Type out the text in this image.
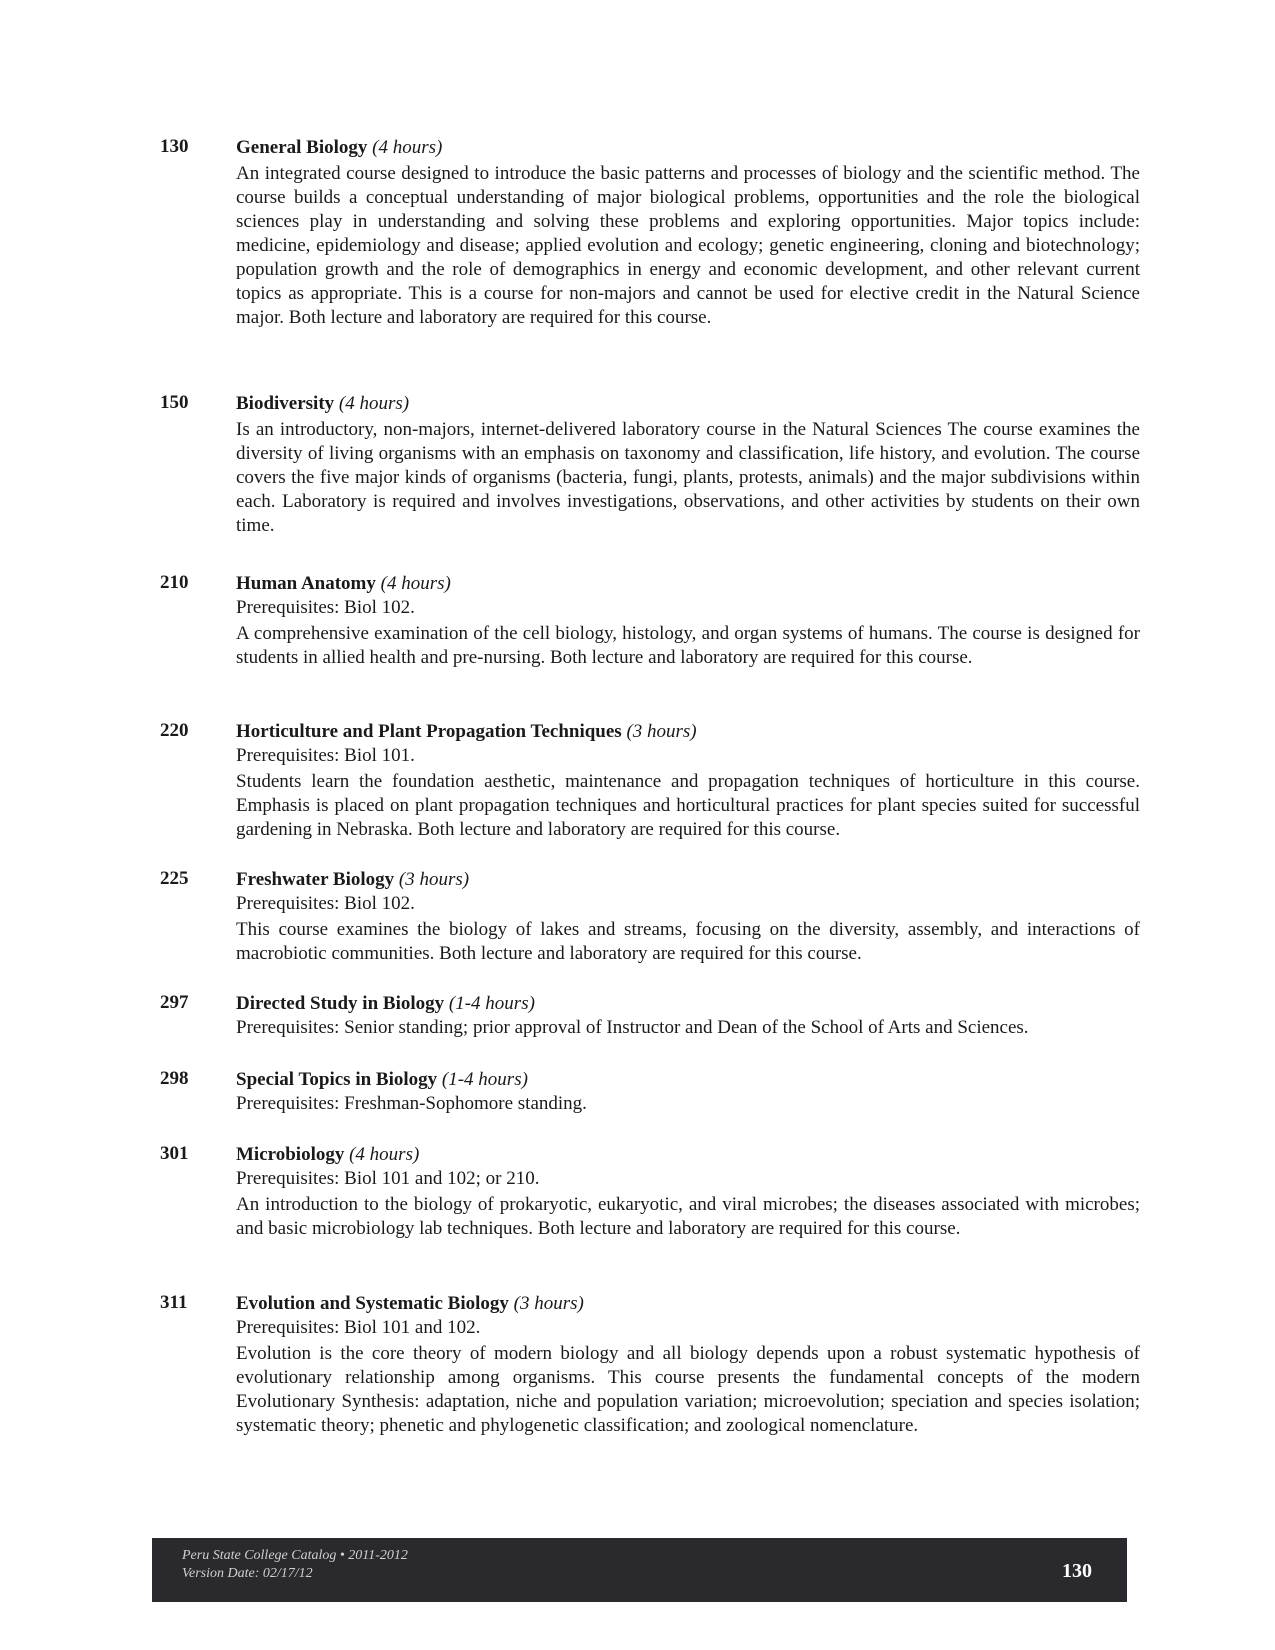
130	General Biology (4 hours)
An integrated course designed to introduce the basic patterns and processes of biology and the scientific method. The course builds a conceptual understanding of major biological problems, opportunities and the role the biological sciences play in understanding and solving these problems and exploring opportunities. Major topics include: medicine, epidemiology and disease; applied evolution and ecology; genetic engineering, cloning and biotechnology; population growth and the role of demographics in energy and economic development, and other relevant current topics as appropriate. This is a course for non-majors and cannot be used for elective credit in the Natural Science major. Both lecture and laboratory are required for this course.
150	Biodiversity (4 hours)
Is an introductory, non-majors, internet-delivered laboratory course in the Natural Sciences The course examines the diversity of living organisms with an emphasis on taxonomy and classification, life history, and evolution. The course covers the five major kinds of organisms (bacteria, fungi, plants, protests, animals) and the major subdivisions within each. Laboratory is required and involves investigations, observations, and other activities by students on their own time.
210	Human Anatomy (4 hours)
Prerequisites: Biol 102.
A comprehensive examination of the cell biology, histology, and organ systems of humans. The course is designed for students in allied health and pre-nursing. Both lecture and laboratory are required for this course.
220	Horticulture and Plant Propagation Techniques (3 hours)
Prerequisites: Biol 101.
Students learn the foundation aesthetic, maintenance and propagation techniques of horticulture in this course. Emphasis is placed on plant propagation techniques and horticultural practices for plant species suited for successful gardening in Nebraska. Both lecture and laboratory are required for this course.
225	Freshwater Biology (3 hours)
Prerequisites: Biol 102.
This course examines the biology of lakes and streams, focusing on the diversity, assembly, and interactions of macrobiotic communities. Both lecture and laboratory are required for this course.
297	Directed Study in Biology (1-4 hours)
Prerequisites: Senior standing; prior approval of Instructor and Dean of the School of Arts and Sciences.
298	Special Topics in Biology (1-4 hours)
Prerequisites: Freshman-Sophomore standing.
301	Microbiology (4 hours)
Prerequisites: Biol 101 and 102; or 210.
An introduction to the biology of prokaryotic, eukaryotic, and viral microbes; the diseases associated with microbes; and basic microbiology lab techniques. Both lecture and laboratory are required for this course.
311	Evolution and Systematic Biology (3 hours)
Prerequisites: Biol 101 and 102.
Evolution is the core theory of modern biology and all biology depends upon a robust systematic hypothesis of evolutionary relationship among organisms. This course presents the fundamental concepts of the modern Evolutionary Synthesis: adaptation, niche and population variation; microevolution; speciation and species isolation; systematic theory; phenetic and phylogenetic classification; and zoological nomenclature.
Peru State College Catalog • 2011-2012
Version Date: 02/17/12	130
